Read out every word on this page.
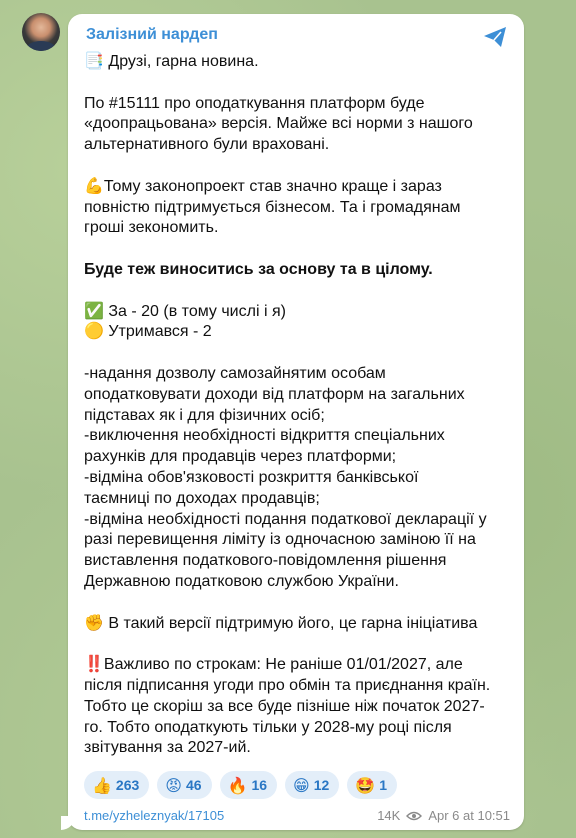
Залізний нардеп
📑 Друзі, гарна новина.

По #15111 про оподаткування платформ буде
«доопрацьована» версія. Майже всі норми з нашого
альтернативного були враховані.

💪Тому законопроект став значно краще і зараз
повністю підтримується бізнесом. Та і громадянам
гроші зекономить.

Буде теж виноситись за основу та в цілому.

✅ За - 20 (в тому числі і я)
🟡 Утримався - 2

-надання дозволу самозайнятим особам
оподатковувати доходи від платформ на загальних
підставах як і для фізичних осіб;
-виключення необхідності відкриття спеціальних
рахунків для продавців через платформи;
-відміна обов'язковості розкриття банківської
таємниці по доходах продавців;
-відміна необхідності подання податкової декларації у
разі перевищення ліміту із одночасною заміною її на
виставлення податкового-повідомлення рішення
Державною податковою службою України.

✊ В такий версії підтримую його, це гарна ініціатива

‼️Важливо по строкам: Не раніше 01/01/2027, але
після підписання угоди про обмін та приєднання країн.
Тобто це скоріш за все буде пізніше ніж початок 2027-
го. Тобто оподаткують тільки у 2028-му році після
звітування за 2027-ий.
👍 263 😡 46 🔥 16 😁 12 🤩 1
t.me/yzheleznyak/17105	14K Apr 6 at 10:51
